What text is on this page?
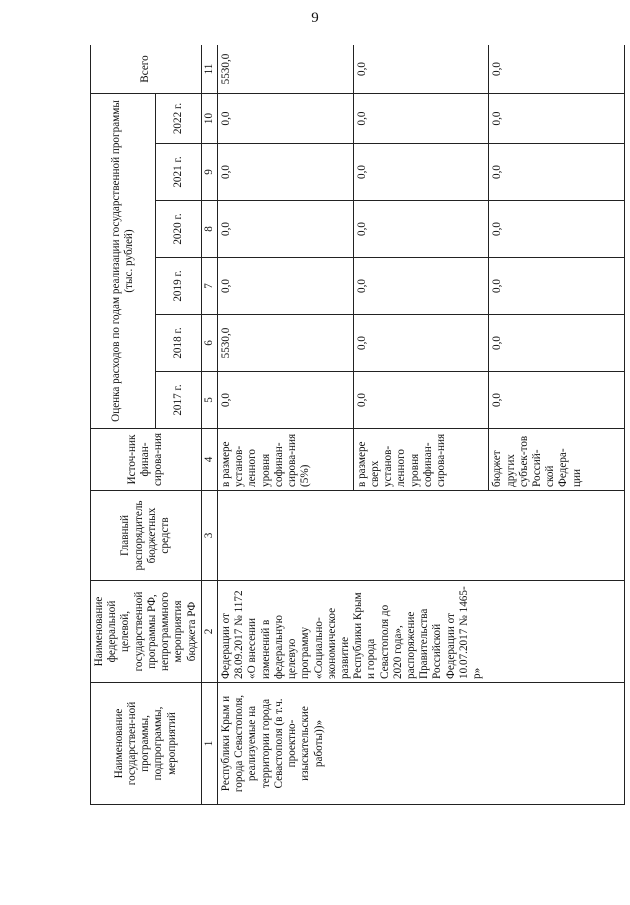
9
Наименование государствен-ной программы, подпрограммы, мероприятий	Наименование федеральной целевой, государственной программы РФ, непрограммного мероприятия бюджета РФ	Главный распорядитель бюджетных средств	Источ-ник финан-сирова-ния	Оценка расходов по годам реализации государственной программы (тыс. рублей)						Всего
				2017 г.	2018 г.	2019 г.	2020 г.	2021 г.	2022 г.	
1	2	3	4	5	6	7	8	9	10	11
Республики Крым и города Севастополя, реализуемые на территории города Севастополя (в т.ч. проектно-изыскательские работы))»	Федерации от 28.09.2017 № 1172 «О внесении изменений в федеральную целевую программу «Социально-экономическое развитие Республики Крым и города Севастополя до 2020 года», распоряжение Правительства Российской Федерации от 10.07.2017 № 1465-р»		в размере установ-ленного уровня софинан-сирова-ния (5%)	0,0	5530,0	0,0	0,0	0,0	0,0	5530,0
			в размере сверх установ-ленного уровня софинан-сирова-ния	0,0	0,0	0,0	0,0	0,0	0,0	0,0
			бюджет других субъек-тов Россий-ской Федера-ции	0,0	0,0	0,0	0,0	0,0	0,0	0,0
